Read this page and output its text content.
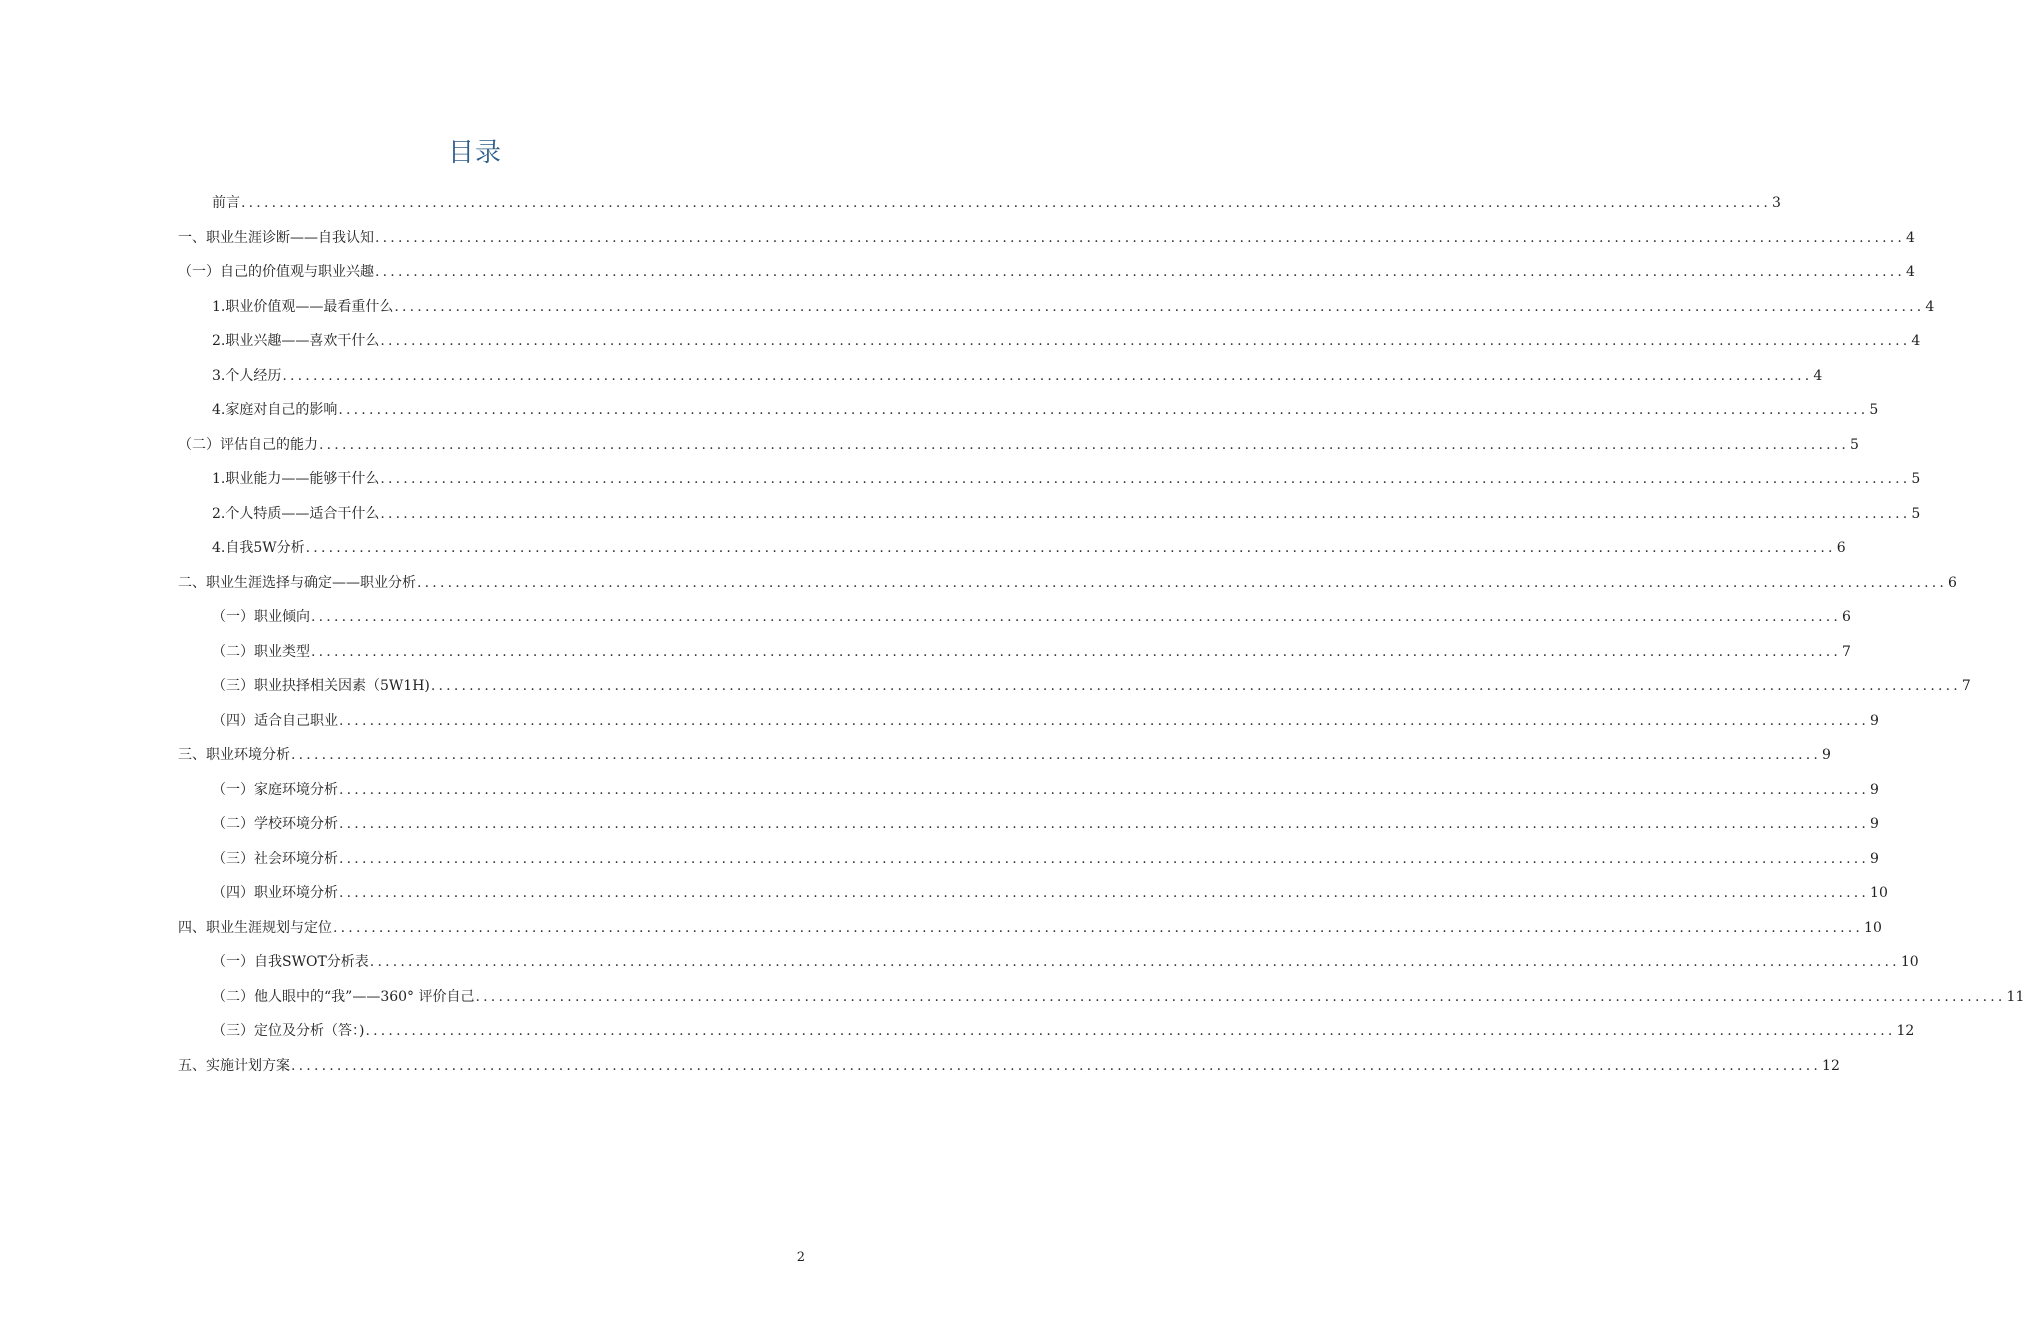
目录
前言 ........................................................................................................................................................................................................ 3
一、职业生涯诊断——自我认知 ........................................................................................................................................................................................................ 4
（一）自己的价值观与职业兴趣 ........................................................................................................................................................................................................ 4
1.职业价值观——最看重什么 ........................................................................................................................................................................................................ 4
2.职业兴趣——喜欢干什么 ........................................................................................................................................................................................................ 4
3.个人经历 ........................................................................................................................................................................................................ 4
4.家庭对自己的影响 ........................................................................................................................................................................................................ 5
（二）评估自己的能力 ........................................................................................................................................................................................................ 5
1.职业能力——能够干什么 ........................................................................................................................................................................................................ 5
2.个人特质——适合干什么 ........................................................................................................................................................................................................ 5
4.自我5W分析 ........................................................................................................................................................................................................ 6
二、职业生涯选择与确定——职业分析 ........................................................................................................................................................................................................ 6
（一）职业倾向 ........................................................................................................................................................................................................ 6
（二）职业类型 ........................................................................................................................................................................................................ 7
（三）职业抉择相关因素（5W1H) ........................................................................................................................................................................................................ 7
（四）适合自己职业 ........................................................................................................................................................................................................ 9
三、职业环境分析 ........................................................................................................................................................................................................ 9
（一）家庭环境分析 ........................................................................................................................................................................................................ 9
（二）学校环境分析 ........................................................................................................................................................................................................ 9
（三）社会环境分析 ........................................................................................................................................................................................................ 9
（四）职业环境分析 ........................................................................................................................................................................................................ 10
四、职业生涯规划与定位 ........................................................................................................................................................................................................ 10
（一）自我SWOT分析表 ........................................................................................................................................................................................................ 10
（二）他人眼中的“我”——360° 评价自己 ........................................................................................................................................................................................................ 11
（三）定位及分析（答：) ........................................................................................................................................................................................................ 12
五、实施计划方案 ........................................................................................................................................................................................................ 12
2
